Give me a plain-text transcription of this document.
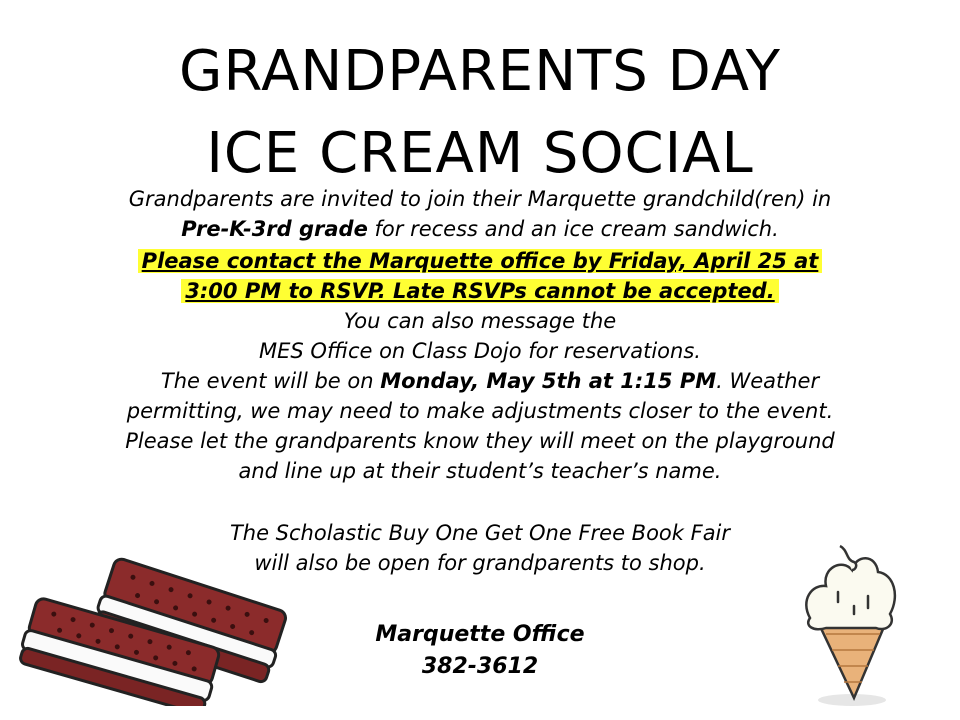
GRANDPARENTS DAY
ICE CREAM SOCIAL
Grandparents are invited to join their Marquette grandchild(ren) in
Pre-K-3rd grade for recess and an ice cream sandwich.
Please contact the Marquette office by Friday, April 25 at
3:00 PM to RSVP. Late RSVPs cannot be accepted.
You can also message the
MES Office on Class Dojo for reservations.
The event will be on Monday, May 5th at 1:15 PM. Weather
permitting, we may need to make adjustments closer to the event.
Please let the grandparents know they will meet on the playground
and line up at their student’s teacher’s name.
The Scholastic Buy One Get One Free Book Fair
will also be open for grandparents to shop.
Marquette Office
382-3612
